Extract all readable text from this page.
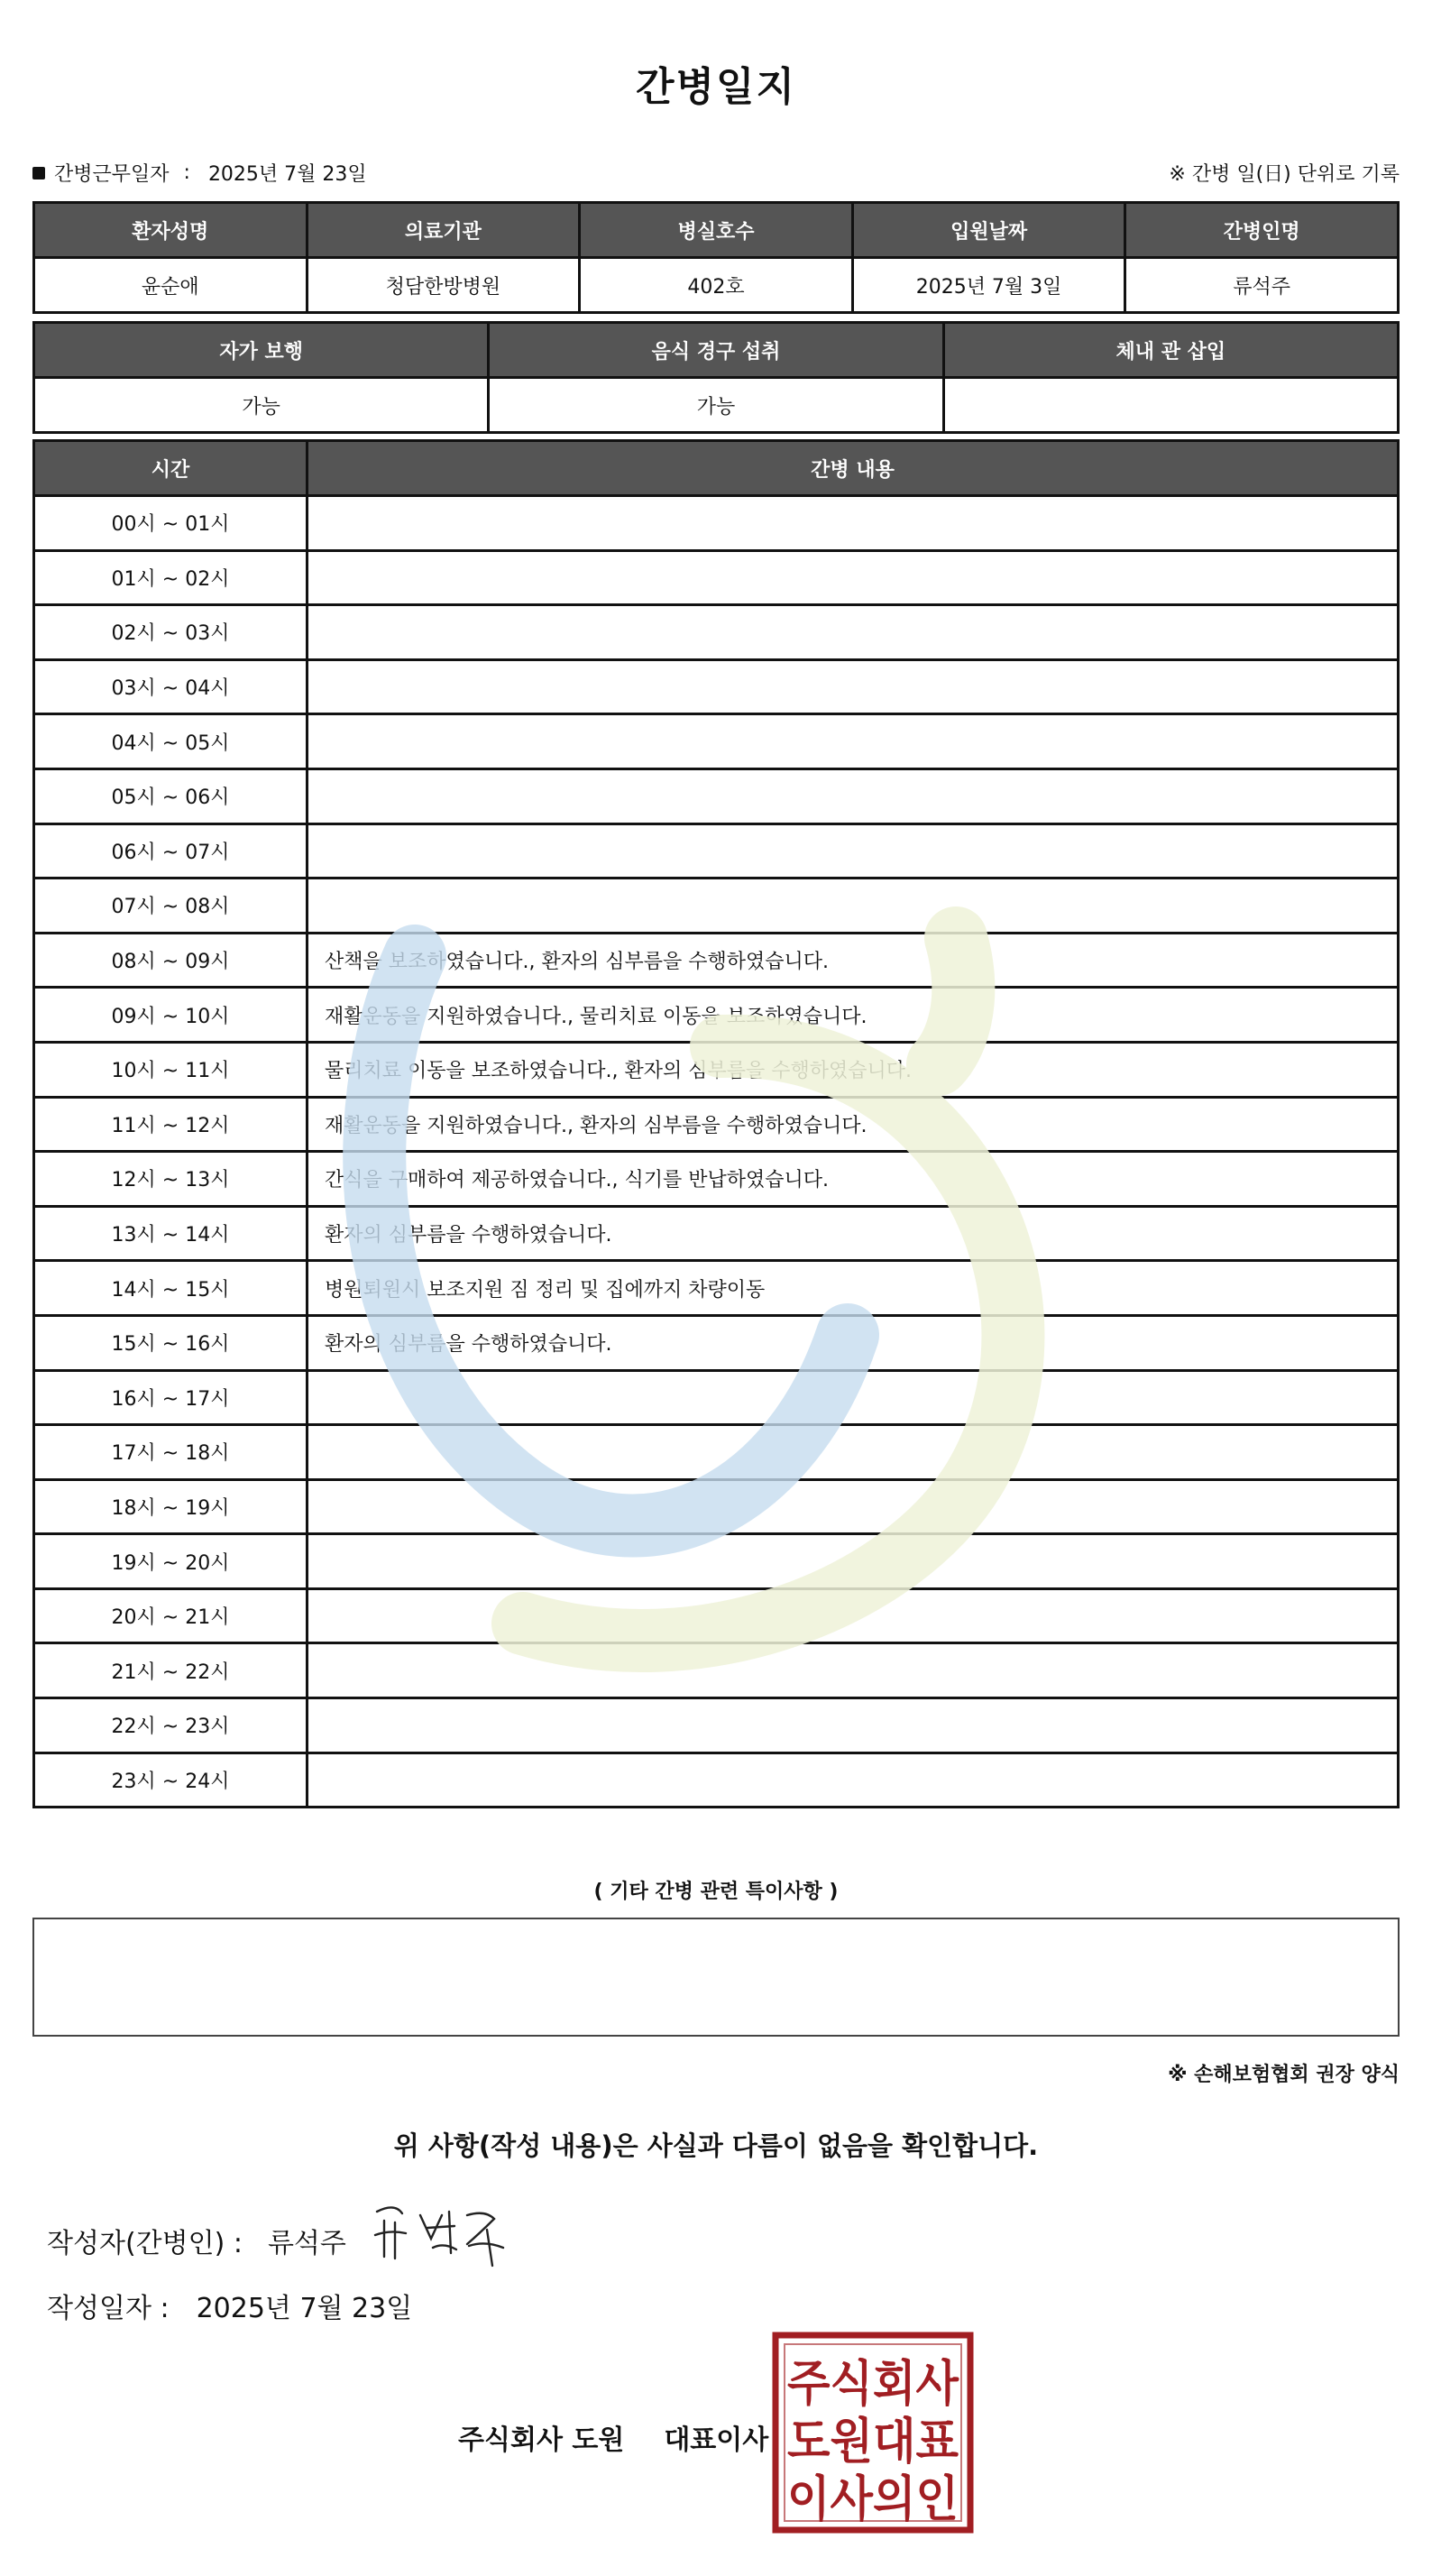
간병일지
간병근무일자 : 2025년 7월 23일	※ 간병 일(日) 단위로 기록
환자성명	의료기관	병실호수	입원날짜	간병인명
윤순애	청담한방병원	402호	2025년 7월 3일	류석주
자가 보행	음식 경구 섭취	체내 관 삽입
가능	가능	
시간	간병 내용
00시 ~ 01시	
01시 ~ 02시	
02시 ~ 03시	
03시 ~ 04시	
04시 ~ 05시	
05시 ~ 06시	
06시 ~ 07시	
07시 ~ 08시	
08시 ~ 09시	산책을 보조하였습니다., 환자의 심부름을 수행하였습니다.
09시 ~ 10시	재활운동을 지원하였습니다., 물리치료 이동을 보조하였습니다.
10시 ~ 11시	물리치료 이동을 보조하였습니다., 환자의 심부름을 수행하였습니다.
11시 ~ 12시	재활운동을 지원하였습니다., 환자의 심부름을 수행하였습니다.
12시 ~ 13시	간식을 구매하여 제공하였습니다., 식기를 반납하였습니다.
13시 ~ 14시	환자의 심부름을 수행하였습니다.
14시 ~ 15시	병원퇴원시 보조지원 짐 정리 및 집에까지 차량이동
15시 ~ 16시	환자의 심부름을 수행하였습니다.
16시 ~ 17시	
17시 ~ 18시	
18시 ~ 19시	
19시 ~ 20시	
20시 ~ 21시	
21시 ~ 22시	
22시 ~ 23시	
23시 ~ 24시	
( 기타 간병 관련 특이사항 )
※ 손해보험협회 권장 양식
위 사항(작성 내용)은 사실과 다름이 없음을 확인합니다.
작성자(간병인) : 류석주
작성일자 : 2025년 7월 23일
주식회사 도원 대표이사
주식회사
도원대표
이사의인
